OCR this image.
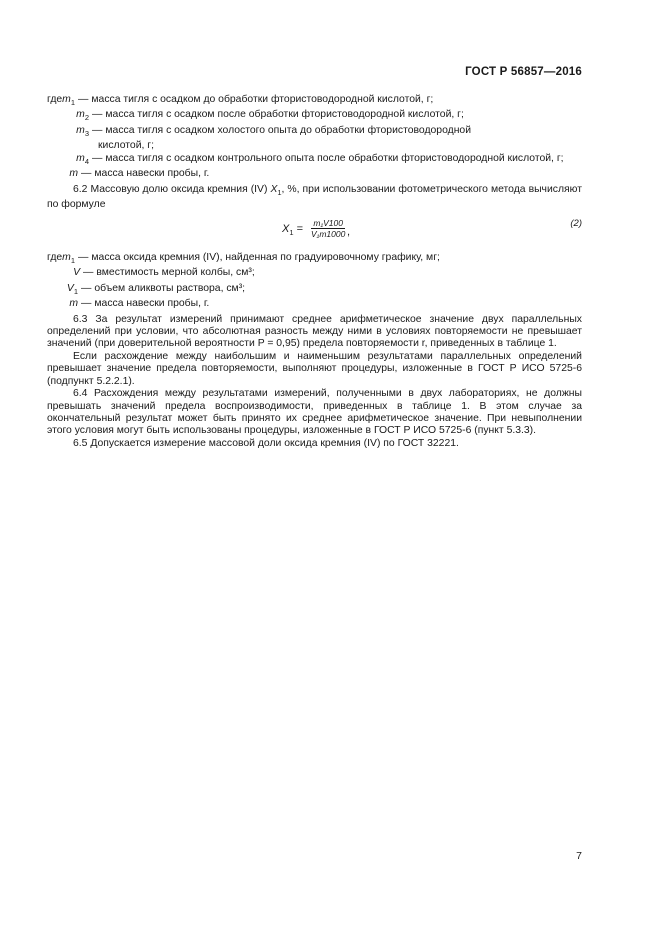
ГОСТ Р 56857—2016
где $m_1$ — масса тигля с осадком до обработки фтористоводородной кислотой, г;
$m_2$ — масса тигля с осадком после обработки фтористоводородной кислотой, г;
$m_3$ — масса тигля с осадком холостого опыта до обработки фтористоводородной
кислотой, г;
$m_4$ — масса тигля с осадком контрольного опыта после обработки фтористоводородной кислотой, г;
m — масса навески пробы, г.

6.2 Массовую долю оксида кремния (IV) $X_1$, %, при использовании фотометрического метода вычисляют по формуле

$X_1 = \frac{\text{m₁V100}}{\text{V₁m1000}}$ ,
(2)
где $m_1$ — масса оксида кремния (IV), найденная по градуировочному графику, мг;
V — вместимость мерной колбы, см³;
$V_1$ — объем аликвоты раствора, см³;
m — масса навески пробы, г.

6.3 За результат измерений принимают среднее арифметическое значение двух параллельных определений при условии, что абсолютная разность между ними в условиях повторяемости не превышает значений (при доверительной вероятности P = 0,95) предела повторяемости r, приведенных в таблице 1.

Если расхождение между наибольшим и наименьшим результатами параллельных определений превышает значение предела повторяемости, выполняют процедуры, изложенные в ГОСТ Р ИСО 5725-6 (подпункт 5.2.2.1).

6.4 Расхождения между результатами измерений, полученными в двух лабораториях, не должны превышать значений предела воспроизводимости, приведенных в таблице 1. В этом случае за окончательный результат может быть принято их среднее арифметическое значение. При невыполнении этого условия могут быть использованы процедуры, изложенные в ГОСТ Р ИСО 5725-6 (пункт 5.3.3).

6.5 Допускается измерение массовой доли оксида кремния (IV) по ГОСТ 32221.

7
